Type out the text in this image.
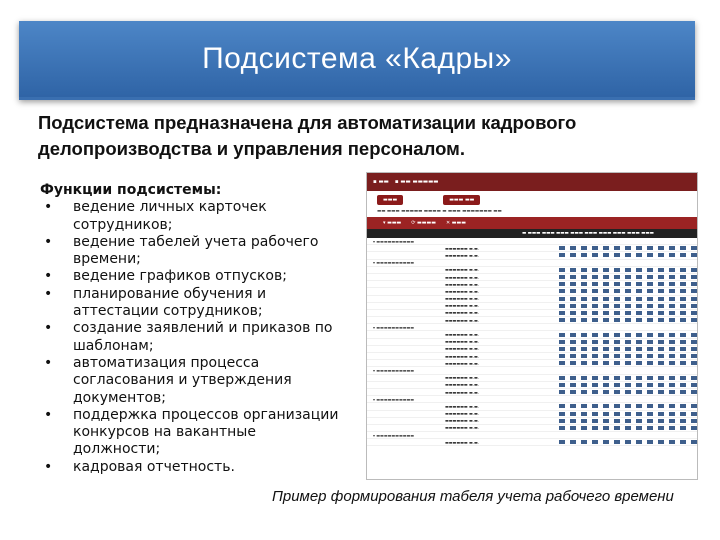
Подсистема «Кадры»
Подсистема предназначена для автоматизации кадрового делопроизводства и управления персоналом.
Функции подсистемы:
• ведение личных карточек сотрудников;
• ведение табелей учета рабочего времени;
• ведение графиков отпусков;
• планирование обучения и аттестации сотрудников;
• создание заявлений и приказов по шаблонам;
• автоматизация процесса согласования и утверждения документов;
• поддержка процессов организации конкурсов на вакантные должности;
• кадровая отчетность.
▪ ▬▬ ▪ ▬▬ ▬▬▬▬▬
▬▬▬	▬▬▬ ▬▬
▬▬ ▬▬▬ ▬▬▬▬▬ ▬▬▬▬ ▬ ▬▬▬ ▬▬▬▬▬▬▬ ▬▬
▾ ▬▬▬ ⟳ ▬▬▬▬ ✕ ▬▬▬
▬ ▬▬▬ ▬▬▬ ▬▬▬ ▬▬▬ ▬▬▬ ▬▬▬ ▬▬▬ ▬▬▬ ▬▬▬
▾ ▬▬▬▬▬▬▬▬▬▬
▬▬▬▬▬▬ ▬.▬.
▬▬▬▬▬▬ ▬.▬.
▾ ▬▬▬▬▬▬▬▬▬▬
▬▬▬▬▬▬ ▬.▬.
▬▬▬▬▬▬ ▬.▬.
▬▬▬▬▬▬ ▬.▬.
▬▬▬▬▬▬ ▬.▬.
▬▬▬▬▬▬ ▬.▬.
▬▬▬▬▬▬ ▬.▬.
▬▬▬▬▬▬ ▬.▬.
▬▬▬▬▬▬ ▬.▬.
▾ ▬▬▬▬▬▬▬▬▬▬
▬▬▬▬▬▬ ▬.▬.
▬▬▬▬▬▬ ▬.▬.
▬▬▬▬▬▬ ▬.▬.
▬▬▬▬▬▬ ▬.▬.
▬▬▬▬▬▬ ▬.▬.
▾ ▬▬▬▬▬▬▬▬▬▬
▬▬▬▬▬▬ ▬.▬.
▬▬▬▬▬▬ ▬.▬.
▬▬▬▬▬▬ ▬.▬.
▾ ▬▬▬▬▬▬▬▬▬▬
▬▬▬▬▬▬ ▬.▬.
▬▬▬▬▬▬ ▬.▬.
▬▬▬▬▬▬ ▬.▬.
▬▬▬▬▬▬ ▬.▬.
▾ ▬▬▬▬▬▬▬▬▬▬
▬▬▬▬▬▬ ▬.▬.
Пример формирования табеля учета рабочего времени
